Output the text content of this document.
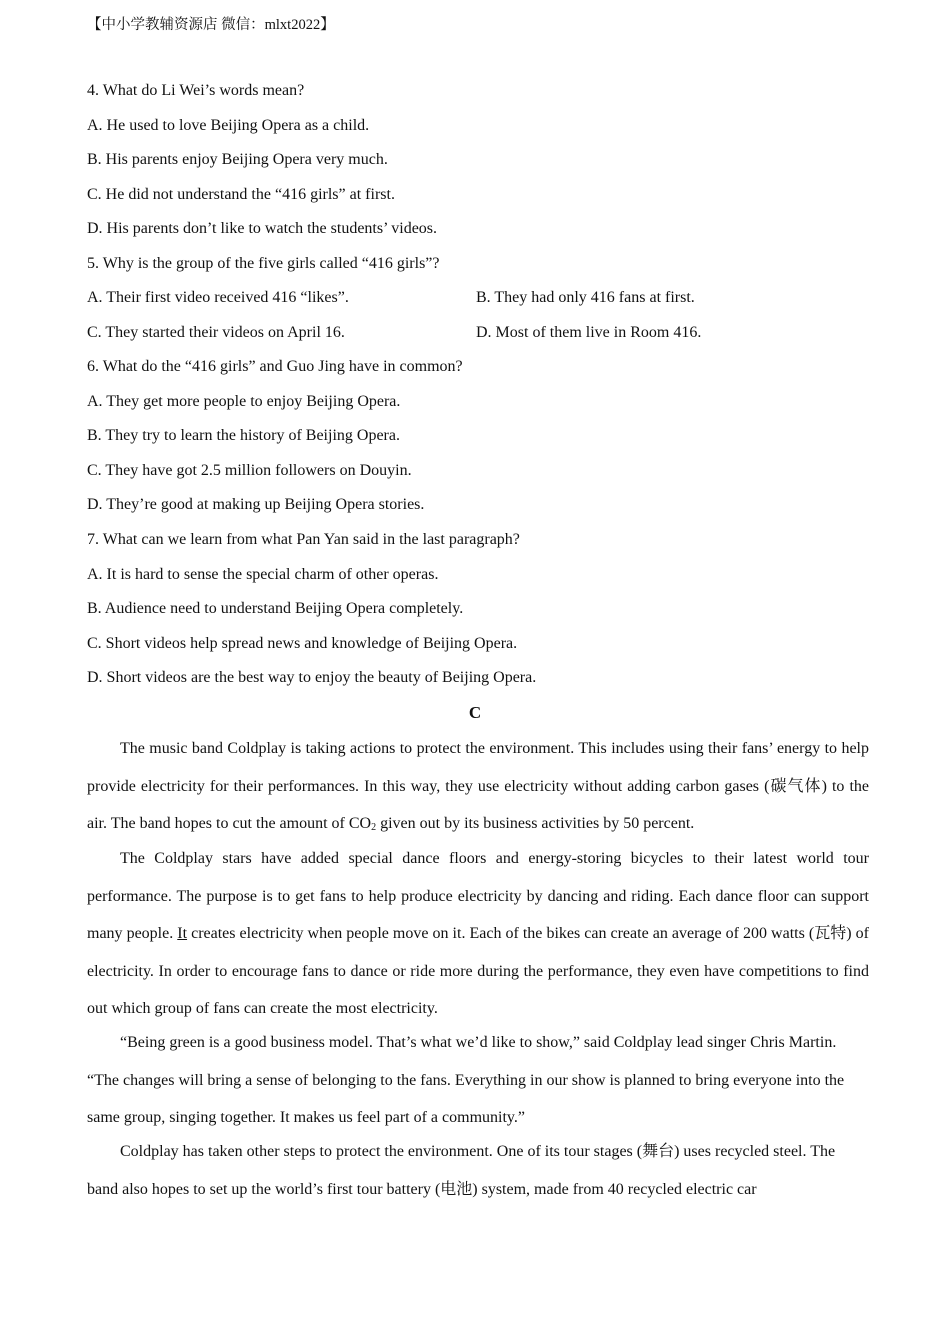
【中小学教辅资源店 微信：mlxt2022】
4. What do Li Wei’s words mean?
A. He used to love Beijing Opera as a child.
B. His parents enjoy Beijing Opera very much.
C. He did not understand the “416 girls” at first.
D. His parents don’t like to watch the students’ videos.
5. Why is the group of the five girls called “416 girls”?
A. Their first video received 416 “likes”.	B. They had only 416 fans at first.
C. They started their videos on April 16.	D. Most of them live in Room 416.
6. What do the “416 girls” and Guo Jing have in common?
A. They get more people to enjoy Beijing Opera.
B. They try to learn the history of Beijing Opera.
C. They have got 2.5 million followers on Douyin.
D. They’re good at making up Beijing Opera stories.
7. What can we learn from what Pan Yan said in the last paragraph?
A. It is hard to sense the special charm of other operas.
B. Audience need to understand Beijing Opera completely.
C. Short videos help spread news and knowledge of Beijing Opera.
D. Short videos are the best way to enjoy the beauty of Beijing Opera.
C
The music band Coldplay is taking actions to protect the environment. This includes using their fans’ energy to help provide electricity for their performances. In this way, they use electricity without adding carbon gases (碳气体) to the air. The band hopes to cut the amount of $CO_2$ given out by its business activities by 50 percent.
The Coldplay stars have added special dance floors and energy-storing bicycles to their latest world tour performance. The purpose is to get fans to help produce electricity by dancing and riding. Each dance floor can support many people. It creates electricity when people move on it. Each of the bikes can create an average of 200 watts (瓦特) of electricity. In order to encourage fans to dance or ride more during the performance, they even have competitions to find out which group of fans can create the most electricity.
“Being green is a good business model. That’s what we’d like to show,” said Coldplay lead singer Chris Martin. “The changes will bring a sense of belonging to the fans. Everything in our show is planned to bring everyone into the same group, singing together. It makes us feel part of a community.”
Coldplay has taken other steps to protect the environment. One of its tour stages (舞台) uses recycled steel. The band also hopes to set up the world’s first tour battery (电池) system, made from 40 recycled electric car
